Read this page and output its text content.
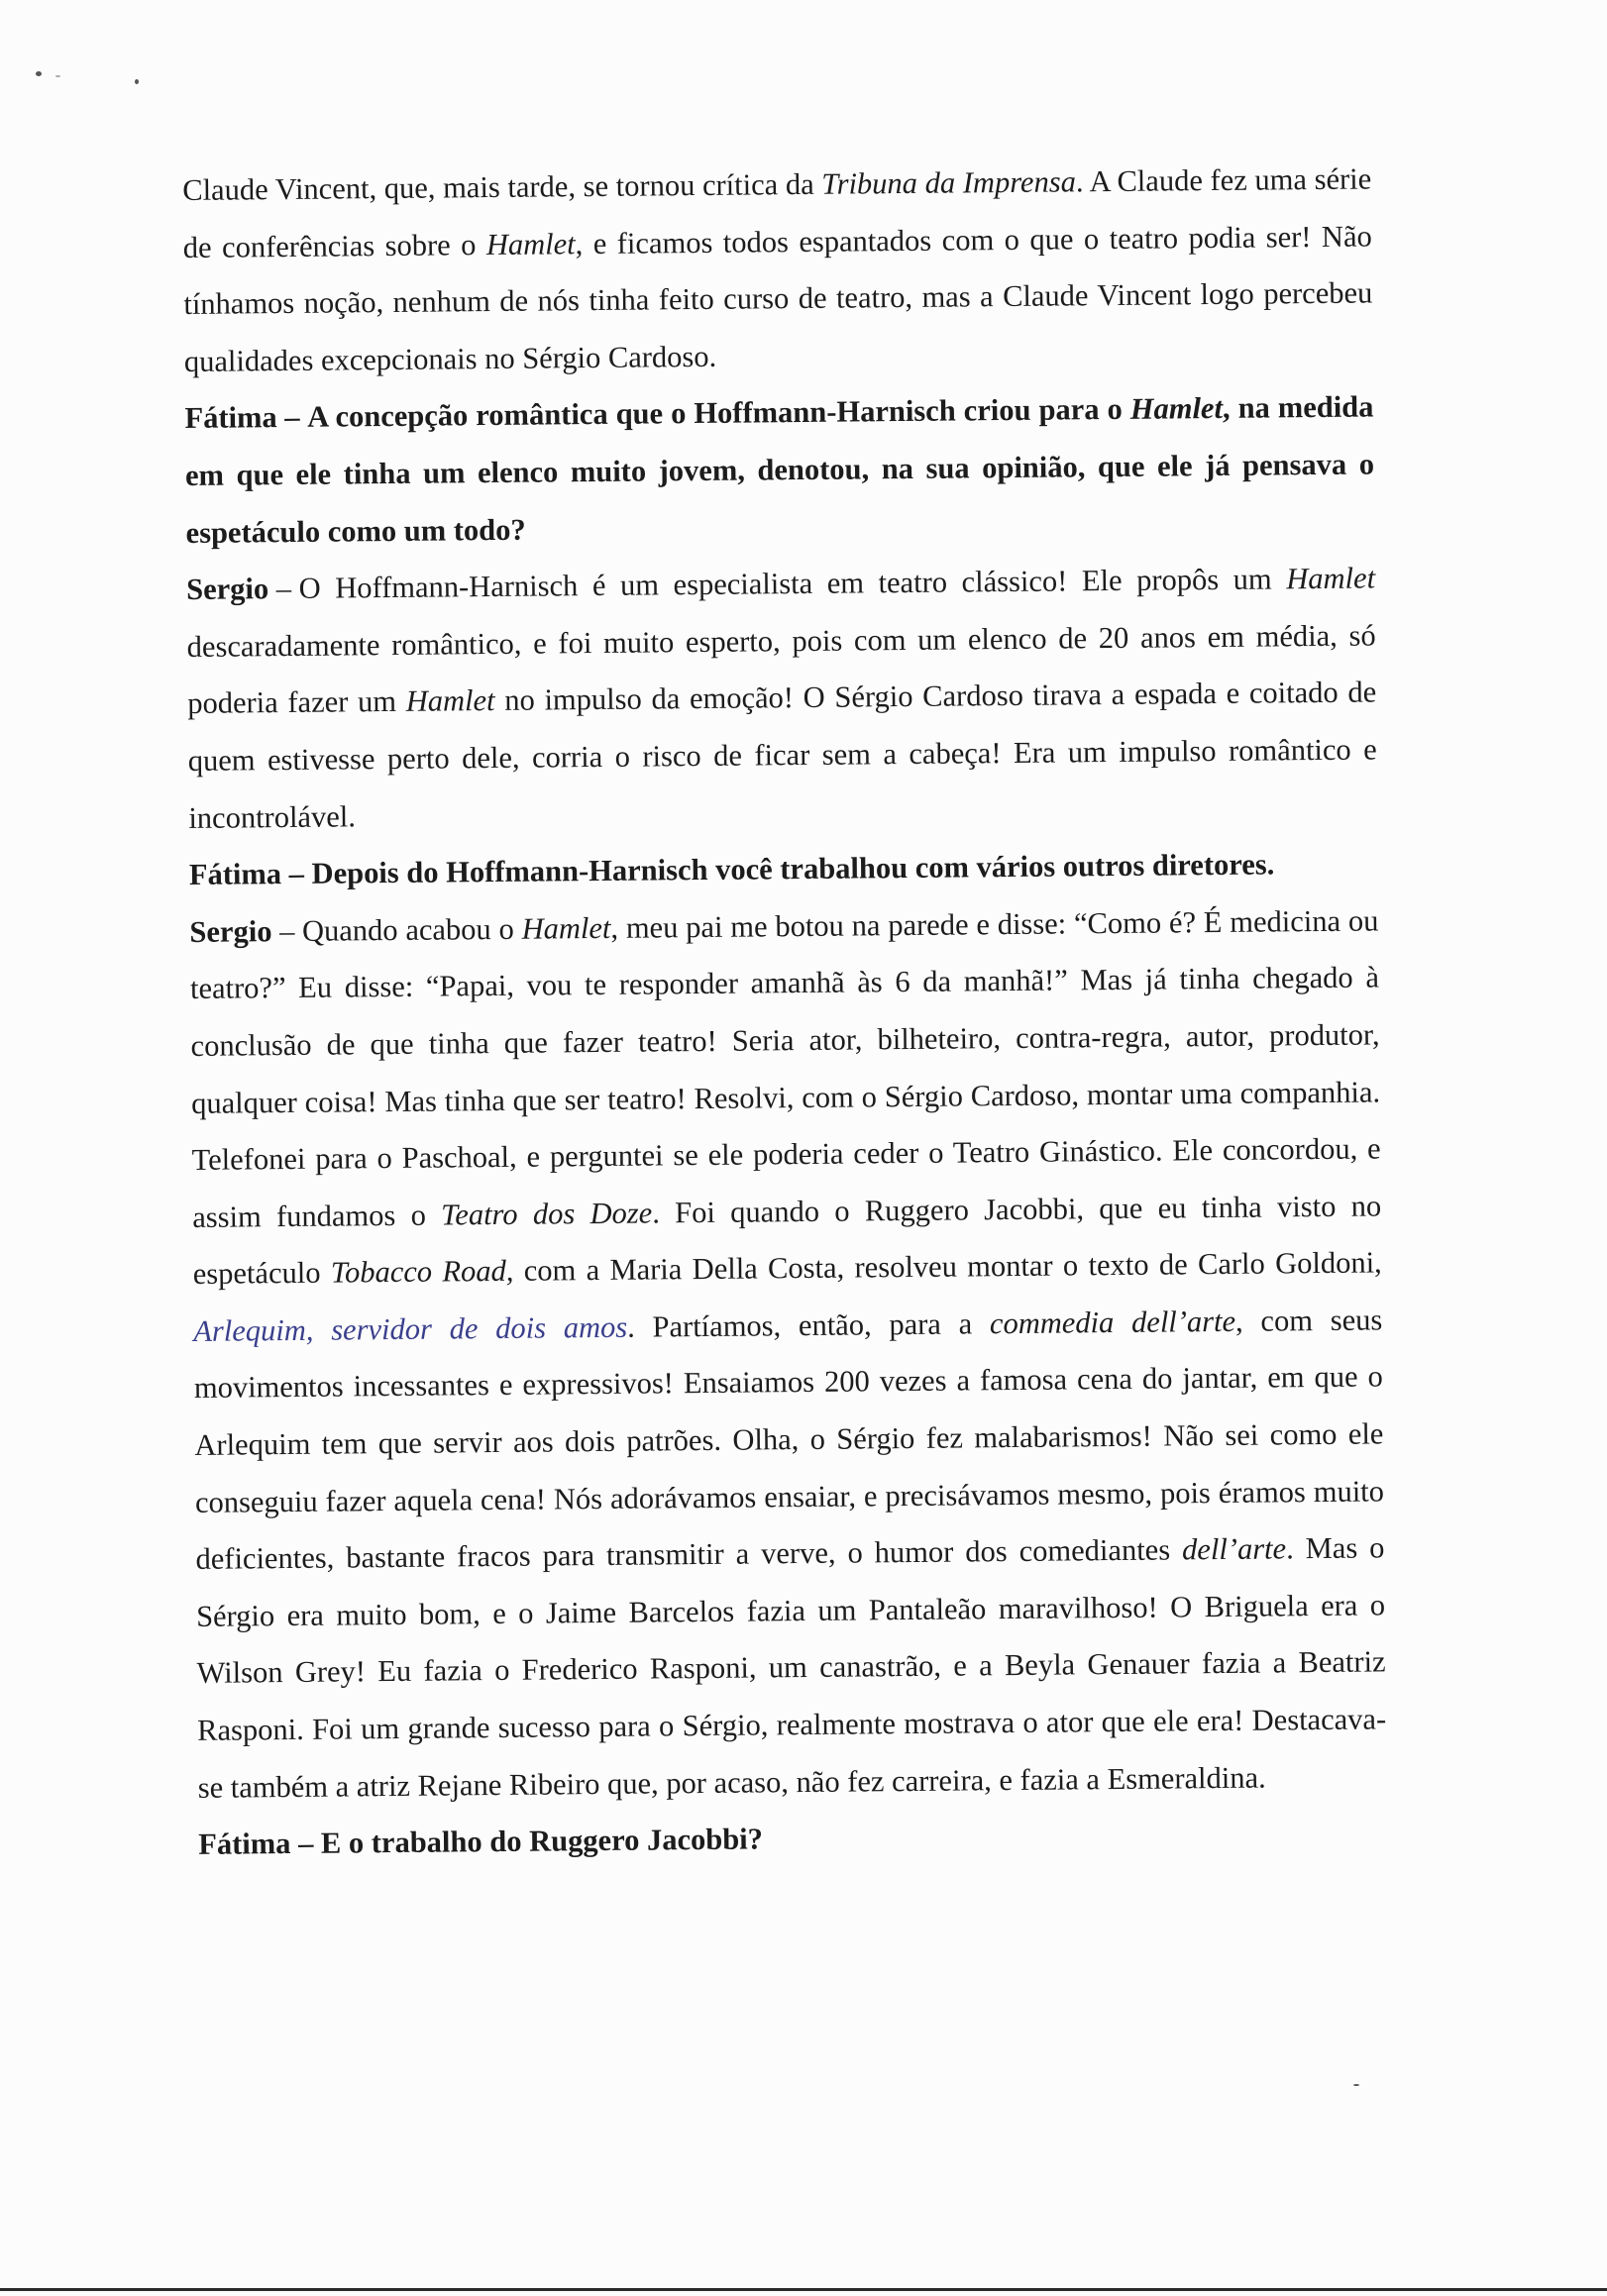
Claude Vincent, que, mais tarde, se tornou crítica da Tribuna da Imprensa. A Claude fez uma série de conferências sobre o Hamlet, e ficamos todos espantados com o que o teatro podia ser! Não tínhamos noção, nenhum de nós tinha feito curso de teatro, mas a Claude Vincent logo percebeu qualidades excepcionais no Sérgio Cardoso.

Fátima – A concepção romântica que o Hoffmann-Harnisch criou para o Hamlet, na medida em que ele tinha um elenco muito jovem, denotou, na sua opinião, que ele já pensava o espetáculo como um todo?

Sergio – O Hoffmann-Harnisch é um especialista em teatro clássico! Ele propôs um Hamlet descaradamente romântico, e foi muito esperto, pois com um elenco de 20 anos em média, só poderia fazer um Hamlet no impulso da emoção! O Sérgio Cardoso tirava a espada e coitado de quem estivesse perto dele, corria o risco de ficar sem a cabeça! Era um impulso romântico e incontrolável.

Fátima – Depois do Hoffmann-Harnisch você trabalhou com vários outros diretores.

Sergio – Quando acabou o Hamlet, meu pai me botou na parede e disse: “Como é? É medicina ou teatro?” Eu disse: “Papai, vou te responder amanhã às 6 da manhã!” Mas já tinha chegado à conclusão de que tinha que fazer teatro! Seria ator, bilheteiro, contra-regra, autor, produtor, qualquer coisa! Mas tinha que ser teatro! Resolvi, com o Sérgio Cardoso, montar uma companhia. Telefonei para o Paschoal, e perguntei se ele poderia ceder o Teatro Ginástico. Ele concordou, e assim fundamos o Teatro dos Doze. Foi quando o Ruggero Jacobbi, que eu tinha visto no espetáculo Tobacco Road, com a Maria Della Costa, resolveu montar o texto de Carlo Goldoni, Arlequim, servidor de dois amos. Partíamos, então, para a commedia dell’arte, com seus movimentos incessantes e expressivos! Ensaiamos 200 vezes a famosa cena do jantar, em que o Arlequim tem que servir aos dois patrões. Olha, o Sérgio fez malabarismos! Não sei como ele conseguiu fazer aquela cena! Nós adorávamos ensaiar, e precisávamos mesmo, pois éramos muito deficientes, bastante fracos para transmitir a verve, o humor dos comediantes dell’arte. Mas o Sérgio era muito bom, e o Jaime Barcelos fazia um Pantaleão maravilhoso! O Briguela era o Wilson Grey! Eu fazia o Frederico Rasponi, um canastrão, e a Beyla Genauer fazia a Beatriz Rasponi. Foi um grande sucesso para o Sérgio, realmente mostrava o ator que ele era! Destacava-se também a atriz Rejane Ribeiro que, por acaso, não fez carreira, e fazia a Esmeraldina.

Fátima – E o trabalho do Ruggero Jacobbi?
